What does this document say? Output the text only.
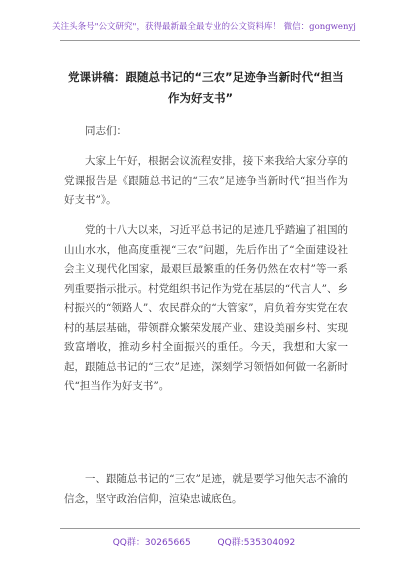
关注头条号"公文研究"，获得最新最全最专业的公文资料库！ 微信：gongwenyj
党课讲稿：跟随总书记的“三农”足迹争当新时代“担当
作为好支书”

同志们：

大家上午好，根据会议流程安排，接下来我给大家分享的党课报告是《跟随总书记的“三农”足迹争当新时代“担当作为好支书”》。

党的十八大以来，习近平总书记的足迹几乎踏遍了祖国的山山水水，他高度重视“三农”问题，先后作出了“全面建设社会主义现代化国家，最艰巨最繁重的任务仍然在农村”等一系列重要指示批示。村党组织书记作为党在基层的“代言人”、乡村振兴的“领路人”、农民群众的“大管家”，肩负着夯实党在农村的基层基础，带领群众繁荣发展产业、建设美丽乡村、实现致富增收，推动乡村全面振兴的重任。今天，我想和大家一起，跟随总书记的“三农”足迹，深刻学习领悟如何做一名新时代“担当作为好支书”。

一、跟随总书记的“三农”足迹，就是要学习他矢志不渝的信念，坚守政治信仰，渲染忠诚底色。

QQ群：30265665	QQ群:535304092
